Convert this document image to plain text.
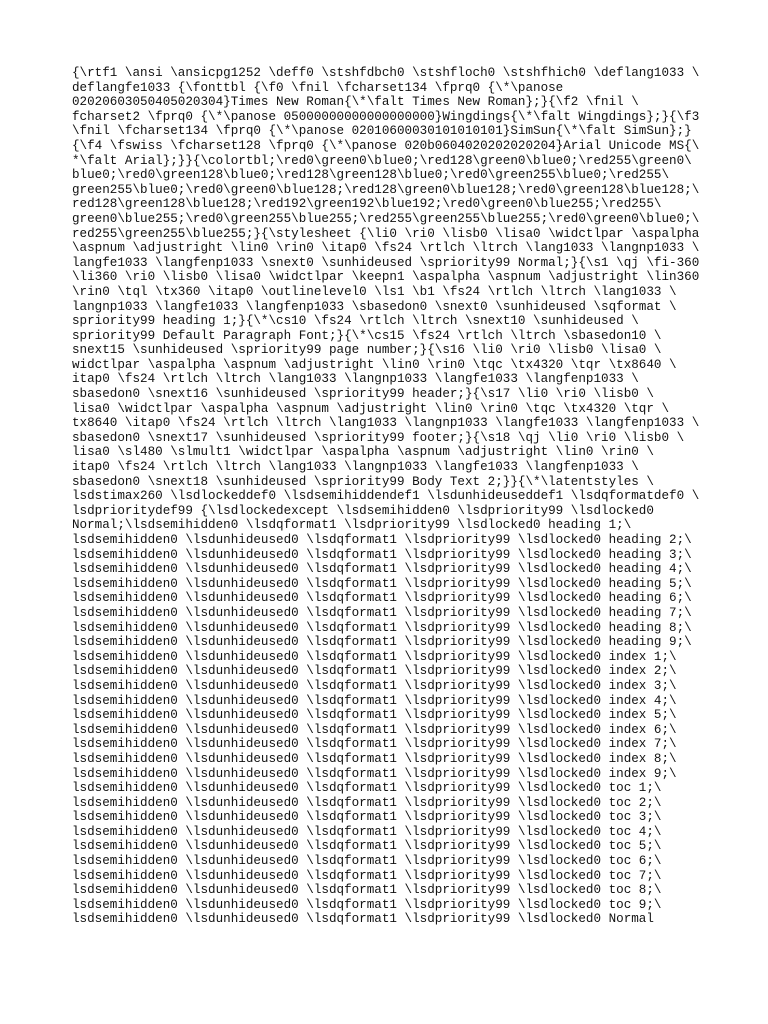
{\rtf1 \ansi \ansicpg1252 \deff0 \stshfdbch0 \stshfloch0 \stshfhich0 \deflang1033 \
deflangfe1033 {\fonttbl {\f0 \fnil \fcharset134 \fprq0 {\*\panose
02020603050405020304}Times New Roman{\*\falt Times New Roman};}{\f2 \fnil \
fcharset2 \fprq0 {\*\panose 05000000000000000000}Wingdings{\*\falt Wingdings};}{\f3
\fnil \fcharset134 \fprq0 {\*\panose 02010600030101010101}SimSun{\*\falt SimSun};}
{\f4 \fswiss \fcharset128 \fprq0 {\*\panose 020b0604020202020204}Arial Unicode MS{\
*\falt Arial};}}{\colortbl;\red0\green0\blue0;\red128\green0\blue0;\red255\green0\
blue0;\red0\green128\blue0;\red128\green128\blue0;\red0\green255\blue0;\red255\
green255\blue0;\red0\green0\blue128;\red128\green0\blue128;\red0\green128\blue128;\
red128\green128\blue128;\red192\green192\blue192;\red0\green0\blue255;\red255\
green0\blue255;\red0\green255\blue255;\red255\green255\blue255;\red0\green0\blue0;\
red255\green255\blue255;}{\stylesheet {\li0 \ri0 \lisb0 \lisa0 \widctlpar \aspalpha
\aspnum \adjustright \lin0 \rin0 \itap0 \fs24 \rtlch \ltrch \lang1033 \langnp1033 \
langfe1033 \langfenp1033 \snext0 \sunhideused \spriority99 Normal;}{\s1 \qj \fi-360
\li360 \ri0 \lisb0 \lisa0 \widctlpar \keepn1 \aspalpha \aspnum \adjustright \lin360
\rin0 \tql \tx360 \itap0 \outlinelevel0 \ls1 \b1 \fs24 \rtlch \ltrch \lang1033 \
langnp1033 \langfe1033 \langfenp1033 \sbasedon0 \snext0 \sunhideused \sqformat \
spriority99 heading 1;}{\*\cs10 \fs24 \rtlch \ltrch \snext10 \sunhideused \
spriority99 Default Paragraph Font;}{\*\cs15 \fs24 \rtlch \ltrch \sbasedon10 \
snext15 \sunhideused \spriority99 page number;}{\s16 \li0 \ri0 \lisb0 \lisa0 \
widctlpar \aspalpha \aspnum \adjustright \lin0 \rin0 \tqc \tx4320 \tqr \tx8640 \
itap0 \fs24 \rtlch \ltrch \lang1033 \langnp1033 \langfe1033 \langfenp1033 \
sbasedon0 \snext16 \sunhideused \spriority99 header;}{\s17 \li0 \ri0 \lisb0 \
lisa0 \widctlpar \aspalpha \aspnum \adjustright \lin0 \rin0 \tqc \tx4320 \tqr \
tx8640 \itap0 \fs24 \rtlch \ltrch \lang1033 \langnp1033 \langfe1033 \langfenp1033 \
sbasedon0 \snext17 \sunhideused \spriority99 footer;}{\s18 \qj \li0 \ri0 \lisb0 \
lisa0 \sl480 \slmult1 \widctlpar \aspalpha \aspnum \adjustright \lin0 \rin0 \
itap0 \fs24 \rtlch \ltrch \lang1033 \langnp1033 \langfe1033 \langfenp1033 \
sbasedon0 \snext18 \sunhideused \spriority99 Body Text 2;}}{\*\latentstyles \
lsdstimax260 \lsdlockeddef0 \lsdsemihiddendef1 \lsdunhideuseddef1 \lsdqformatdef0 \
lsdprioritydef99 {\lsdlockedexcept \lsdsemihidden0 \lsdpriority99 \lsdlocked0
Normal;\lsdsemihidden0 \lsdqformat1 \lsdpriority99 \lsdlocked0 heading 1;\
lsdsemihidden0 \lsdunhideused0 \lsdqformat1 \lsdpriority99 \lsdlocked0 heading 2;\
lsdsemihidden0 \lsdunhideused0 \lsdqformat1 \lsdpriority99 \lsdlocked0 heading 3;\
lsdsemihidden0 \lsdunhideused0 \lsdqformat1 \lsdpriority99 \lsdlocked0 heading 4;\
lsdsemihidden0 \lsdunhideused0 \lsdqformat1 \lsdpriority99 \lsdlocked0 heading 5;\
lsdsemihidden0 \lsdunhideused0 \lsdqformat1 \lsdpriority99 \lsdlocked0 heading 6;\
lsdsemihidden0 \lsdunhideused0 \lsdqformat1 \lsdpriority99 \lsdlocked0 heading 7;\
lsdsemihidden0 \lsdunhideused0 \lsdqformat1 \lsdpriority99 \lsdlocked0 heading 8;\
lsdsemihidden0 \lsdunhideused0 \lsdqformat1 \lsdpriority99 \lsdlocked0 heading 9;\
lsdsemihidden0 \lsdunhideused0 \lsdqformat1 \lsdpriority99 \lsdlocked0 index 1;\
lsdsemihidden0 \lsdunhideused0 \lsdqformat1 \lsdpriority99 \lsdlocked0 index 2;\
lsdsemihidden0 \lsdunhideused0 \lsdqformat1 \lsdpriority99 \lsdlocked0 index 3;\
lsdsemihidden0 \lsdunhideused0 \lsdqformat1 \lsdpriority99 \lsdlocked0 index 4;\
lsdsemihidden0 \lsdunhideused0 \lsdqformat1 \lsdpriority99 \lsdlocked0 index 5;\
lsdsemihidden0 \lsdunhideused0 \lsdqformat1 \lsdpriority99 \lsdlocked0 index 6;\
lsdsemihidden0 \lsdunhideused0 \lsdqformat1 \lsdpriority99 \lsdlocked0 index 7;\
lsdsemihidden0 \lsdunhideused0 \lsdqformat1 \lsdpriority99 \lsdlocked0 index 8;\
lsdsemihidden0 \lsdunhideused0 \lsdqformat1 \lsdpriority99 \lsdlocked0 index 9;\
lsdsemihidden0 \lsdunhideused0 \lsdqformat1 \lsdpriority99 \lsdlocked0 toc 1;\
lsdsemihidden0 \lsdunhideused0 \lsdqformat1 \lsdpriority99 \lsdlocked0 toc 2;\
lsdsemihidden0 \lsdunhideused0 \lsdqformat1 \lsdpriority99 \lsdlocked0 toc 3;\
lsdsemihidden0 \lsdunhideused0 \lsdqformat1 \lsdpriority99 \lsdlocked0 toc 4;\
lsdsemihidden0 \lsdunhideused0 \lsdqformat1 \lsdpriority99 \lsdlocked0 toc 5;\
lsdsemihidden0 \lsdunhideused0 \lsdqformat1 \lsdpriority99 \lsdlocked0 toc 6;\
lsdsemihidden0 \lsdunhideused0 \lsdqformat1 \lsdpriority99 \lsdlocked0 toc 7;\
lsdsemihidden0 \lsdunhideused0 \lsdqformat1 \lsdpriority99 \lsdlocked0 toc 8;\
lsdsemihidden0 \lsdunhideused0 \lsdqformat1 \lsdpriority99 \lsdlocked0 toc 9;\
lsdsemihidden0 \lsdunhideused0 \lsdqformat1 \lsdpriority99 \lsdlocked0 Normal
